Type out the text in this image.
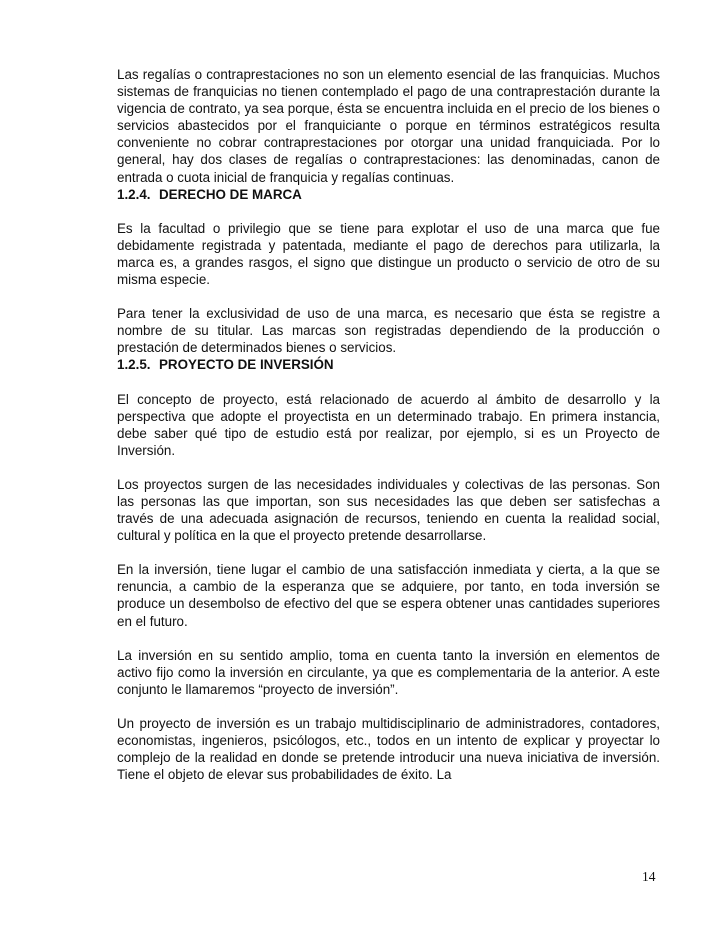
Las regalías o contraprestaciones no son un elemento esencial de las franquicias. Muchos sistemas de franquicias no tienen contemplado el pago de una contraprestación durante la vigencia de contrato, ya sea porque, ésta se encuentra incluida en el precio de los bienes o servicios abastecidos por el franquiciante o porque en términos estratégicos resulta conveniente no cobrar contraprestaciones por otorgar una unidad franquiciada. Por lo general, hay dos clases de regalías o contraprestaciones: las denominadas, canon de entrada o cuota inicial de franquicia y regalías continuas.

1.2.4. DERECHO DE MARCA

Es la facultad o privilegio que se tiene para explotar el uso de una marca que fue debidamente registrada y patentada, mediante el pago de derechos para utilizarla, la marca es, a grandes rasgos, el signo que distingue un producto o servicio de otro de su misma especie.

Para tener la exclusividad de uso de una marca, es necesario que ésta se registre a nombre de su titular. Las marcas son registradas dependiendo de la producción o prestación de determinados bienes o servicios.

1.2.5. PROYECTO DE INVERSIÓN

El concepto de proyecto, está relacionado de acuerdo al ámbito de desarrollo y la perspectiva que adopte el proyectista en un determinado trabajo. En primera instancia, debe saber qué tipo de estudio está por realizar, por ejemplo, si es un Proyecto de Inversión.

Los proyectos surgen de las necesidades individuales y colectivas de las personas. Son las personas las que importan, son sus necesidades las que deben ser satisfechas a través de una adecuada asignación de recursos, teniendo en cuenta la realidad social, cultural y política en la que el proyecto pretende desarrollarse.

En la inversión, tiene lugar el cambio de una satisfacción inmediata y cierta, a la que se renuncia, a cambio de la esperanza que se adquiere, por tanto, en toda inversión se produce un desembolso de efectivo del que se espera obtener unas cantidades superiores en el futuro.

La inversión en su sentido amplio, toma en cuenta tanto la inversión en elementos de activo fijo como la inversión en circulante, ya que es complementaria de la anterior. A este conjunto le llamaremos “proyecto de inversión”.

Un proyecto de inversión es un trabajo multidisciplinario de administradores, contadores, economistas, ingenieros, psicólogos, etc., todos en un intento de explicar y proyectar lo complejo de la realidad en donde se pretende introducir una nueva iniciativa de inversión. Tiene el objeto de elevar sus probabilidades de éxito. La

14
